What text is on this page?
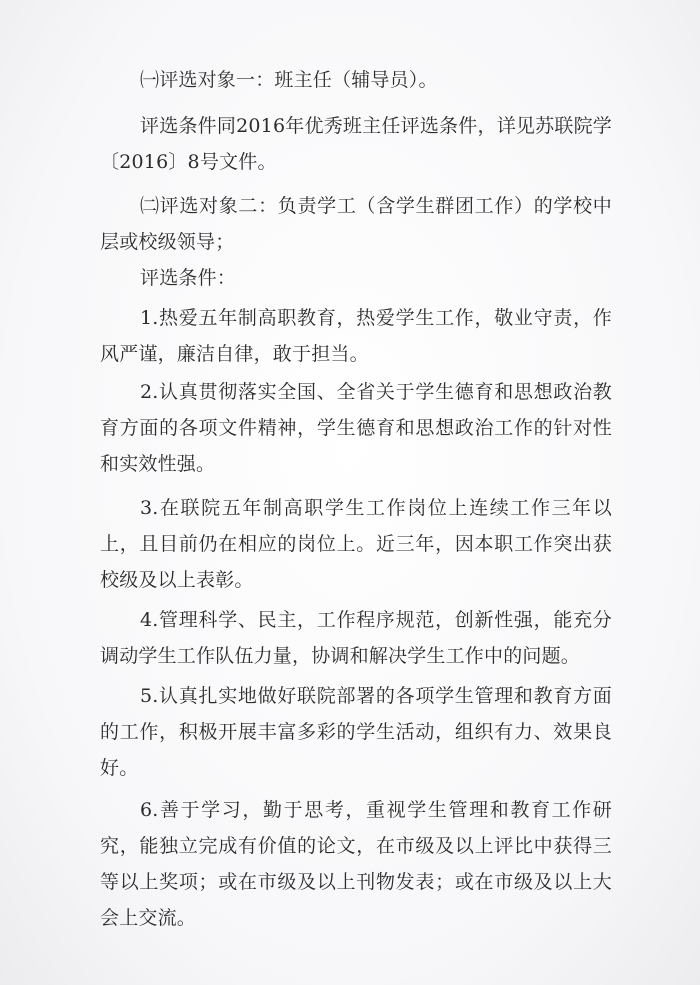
㈠评选对象一：班主任（辅导员）。

评选条件同2016年优秀班主任评选条件，详见苏联院学〔2016〕8号文件。

㈡评选对象二：负责学工（含学生群团工作）的学校中层或校级领导；

评选条件：

1.热爱五年制高职教育，热爱学生工作，敬业守责，作风严谨，廉洁自律，敢于担当。

2.认真贯彻落实全国、全省关于学生德育和思想政治教育方面的各项文件精神，学生德育和思想政治工作的针对性和实效性强。

3.在联院五年制高职学生工作岗位上连续工作三年以上，且目前仍在相应的岗位上。近三年，因本职工作突出获校级及以上表彰。

4.管理科学、民主，工作程序规范，创新性强，能充分调动学生工作队伍力量，协调和解决学生工作中的问题。

5.认真扎实地做好联院部署的各项学生管理和教育方面的工作，积极开展丰富多彩的学生活动，组织有力、效果良好。

6.善于学习，勤于思考，重视学生管理和教育工作研究，能独立完成有价值的论文，在市级及以上评比中获得三等以上奖项；或在市级及以上刊物发表；或在市级及以上大会上交流。
